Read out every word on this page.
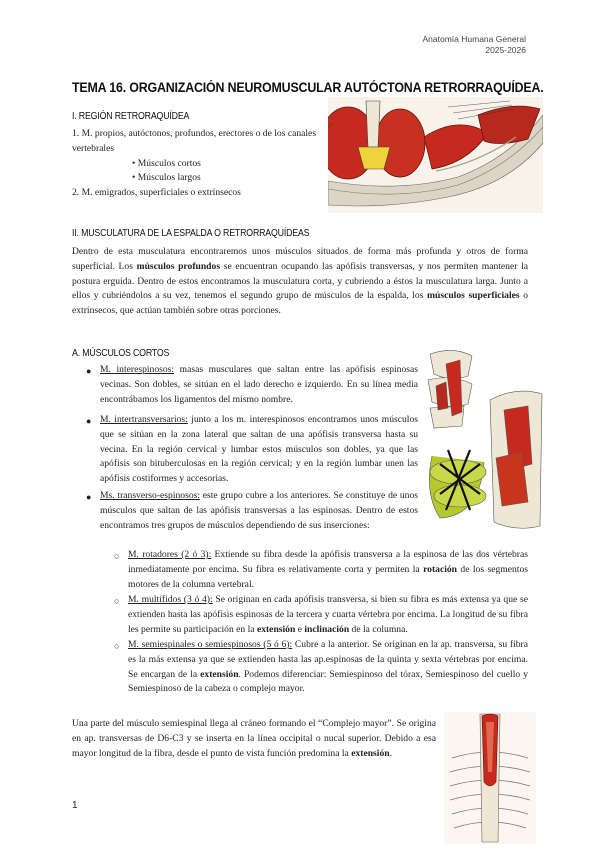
Anatomía Humana General
2025-2026
TEMA 16. ORGANIZACIÓN NEUROMUSCULAR AUTÓCTONA RETRORRAQUÍDEA.
I. REGIÓN RETRORAQUÍDEA
1. M. propios, autóctonos, profundos, erectores o de los canales vertebrales
• Músculos cortos
• Músculos largos
2. M. emigrados, superficiales o extrínsecos
II. MUSCULATURA DE LA ESPALDA O RETRORRAQUÍDEAS

Dentro de esta musculatura encontraremos unos músculos situados de forma más profunda y otros de forma superficial. Los músculos profundos se encuentran ocupando las apófisis transversas, y nos permiten mantener la postura erguida. Dentro de estos encontramos la musculatura corta, y cubriendo a éstos la musculatura larga. Junto a ellos y cubriéndolos a su vez, tenemos el segundo grupo de músculos de la espalda, los músculos superficiales o extrínsecos, que actúan también sobre otras porciones.

A. MÚSCULOS CORTOS
● M. interespinosos: masas musculares que saltan entre las apófisis espinosas vecinas. Son dobles, se sitúan en el lado derecho e izquierdo. En su línea media encontrábamos los ligamentos del mismo nombre.

● M. intertransversarios: junto a los m. interespinosos encontramos unos músculos que se sitúan en la zona lateral que saltan de una apófisis transversa hasta su vecina. En la región cervical y lumbar estos músculos son dobles, ya que las apófisis son bituberculosas en la región cervical; y en la región lumbar unen las apófisis costiformes y accesorias.

● Ms. transverso-espinosos: este grupo cubre a los anteriores. Se constituye de unos músculos que saltan de las apófisis transversas a las espinosas. Dentro de estos encontramos tres grupos de músculos dependiendo de sus inserciones:

○ M. rotadores (2 ó 3): Extiende su fibra desde la apófisis transversa a la espinosa de las dos vértebras inmediatamente por encima. Su fibra es relativamente corta y permiten la rotación de los segmentos motores de la columna vertebral.

○ M. multífidos (3 ó 4): Se originan en cada apófisis transversa, si bien su fibra es más extensa ya que se extienden hasta las apófisis espinosas de la tercera y cuarta vértebra por encima. La longitud de su fibra les permite su participación en la extensión e inclinación de la columna.

○ M. semiespinales o semiespinosos (5 ó 6): Cubre a la anterior. Se originan en la ap. transversa, su fibra es la más extensa ya que se extienden hasta las ap.espinosas de la quinta y sexta vértebras por encima. Se encargan de la extensión. Podemos diferenciar: Semiespinoso del tórax, Semiespinoso del cuello y Semiespinoso de la cabeza o complejo mayor.

Una parte del músculo semiespinal llega al cráneo formando el “Complejo mayor”. Se origina en ap. transversas de D6-C3 y se inserta en la línea occipital o nucal superior. Debido a esa mayor longitud de la fibra, desde el punto de vista función predomina la extensión.

1
